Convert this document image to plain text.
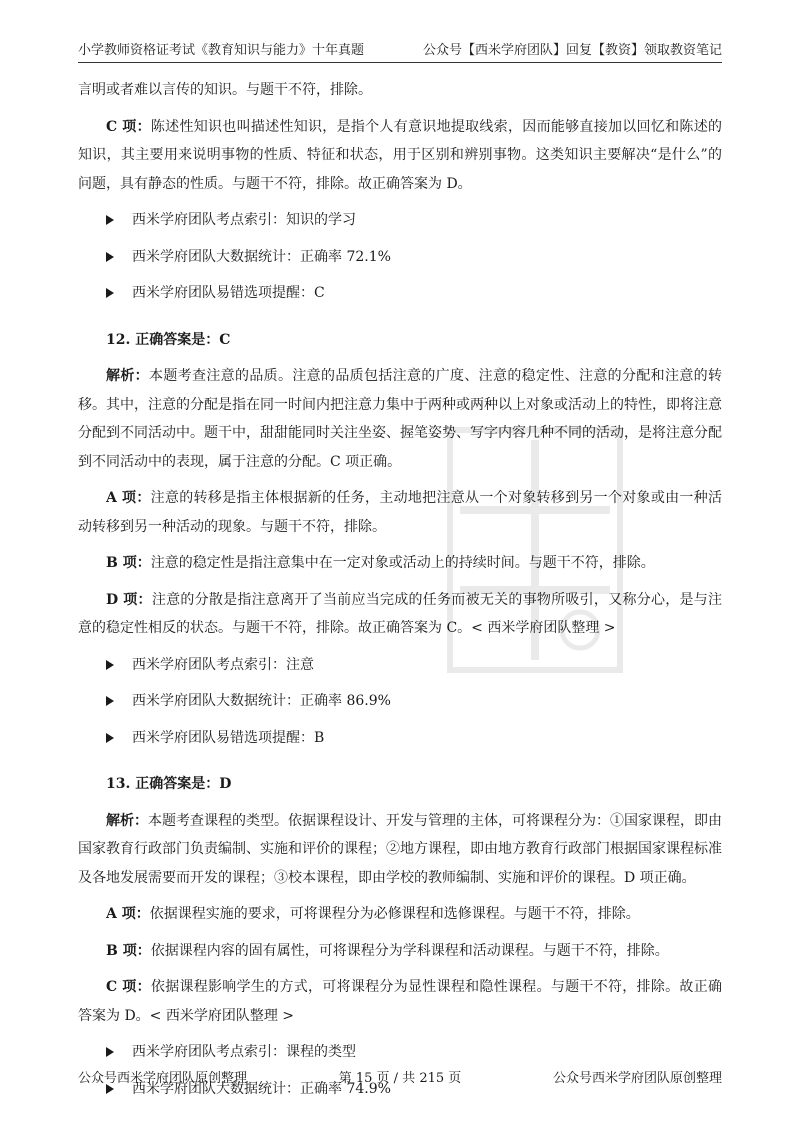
小学教师资格证考试《教育知识与能力》十年真题	公众号【西米学府团队】回复【教资】领取教资笔记

言明或者难以言传的知识。与题干不符，排除。

C 项：陈述性知识也叫描述性知识，是指个人有意识地提取线索，因而能够直接加以回忆和陈述的知识，其主要用来说明事物的性质、特征和状态，用于区别和辨别事物。这类知识主要解决“是什么”的问题，具有静态的性质。与题干不符，排除。故正确答案为 D。

西米学府团队考点索引：知识的学习
西米学府团队大数据统计：正确率 72.1%
西米学府团队易错选项提醒：C
12. 正确答案是：C

解析：本题考查注意的品质。注意的品质包括注意的广度、注意的稳定性、注意的分配和注意的转移。其中，注意的分配是指在同一时间内把注意力集中于两种或两种以上对象或活动上的特性，即将注意分配到不同活动中。题干中，甜甜能同时关注坐姿、握笔姿势、写字内容几种不同的活动，是将注意分配到不同活动中的表现，属于注意的分配。C 项正确。

A 项：注意的转移是指主体根据新的任务，主动地把注意从一个对象转移到另一个对象或由一种活动转移到另一种活动的现象。与题干不符，排除。

B 项：注意的稳定性是指注意集中在一定对象或活动上的持续时间。与题干不符，排除。

D 项：注意的分散是指注意离开了当前应当完成的任务而被无关的事物所吸引，又称分心，是与注意的稳定性相反的状态。与题干不符，排除。故正确答案为 C。< 西米学府团队整理 >

西米学府团队考点索引：注意
西米学府团队大数据统计：正确率 86.9%
西米学府团队易错选项提醒：B
13. 正确答案是：D

解析：本题考查课程的类型。依据课程设计、开发与管理的主体，可将课程分为：①国家课程，即由国家教育行政部门负责编制、实施和评价的课程；②地方课程，即由地方教育行政部门根据国家课程标准及各地发展需要而开发的课程；③校本课程，即由学校的教师编制、实施和评价的课程。D 项正确。

A 项：依据课程实施的要求，可将课程分为必修课程和选修课程。与题干不符，排除。

B 项：依据课程内容的固有属性，可将课程分为学科课程和活动课程。与题干不符，排除。

C 项：依据课程影响学生的方式，可将课程分为显性课程和隐性课程。与题干不符，排除。故正确答案为 D。< 西米学府团队整理 >

西米学府团队考点索引：课程的类型
西米学府团队大数据统计：正确率 74.9%
公众号西米学府团队原创整理	第 15 页 / 共 215 页	公众号西米学府团队原创整理
